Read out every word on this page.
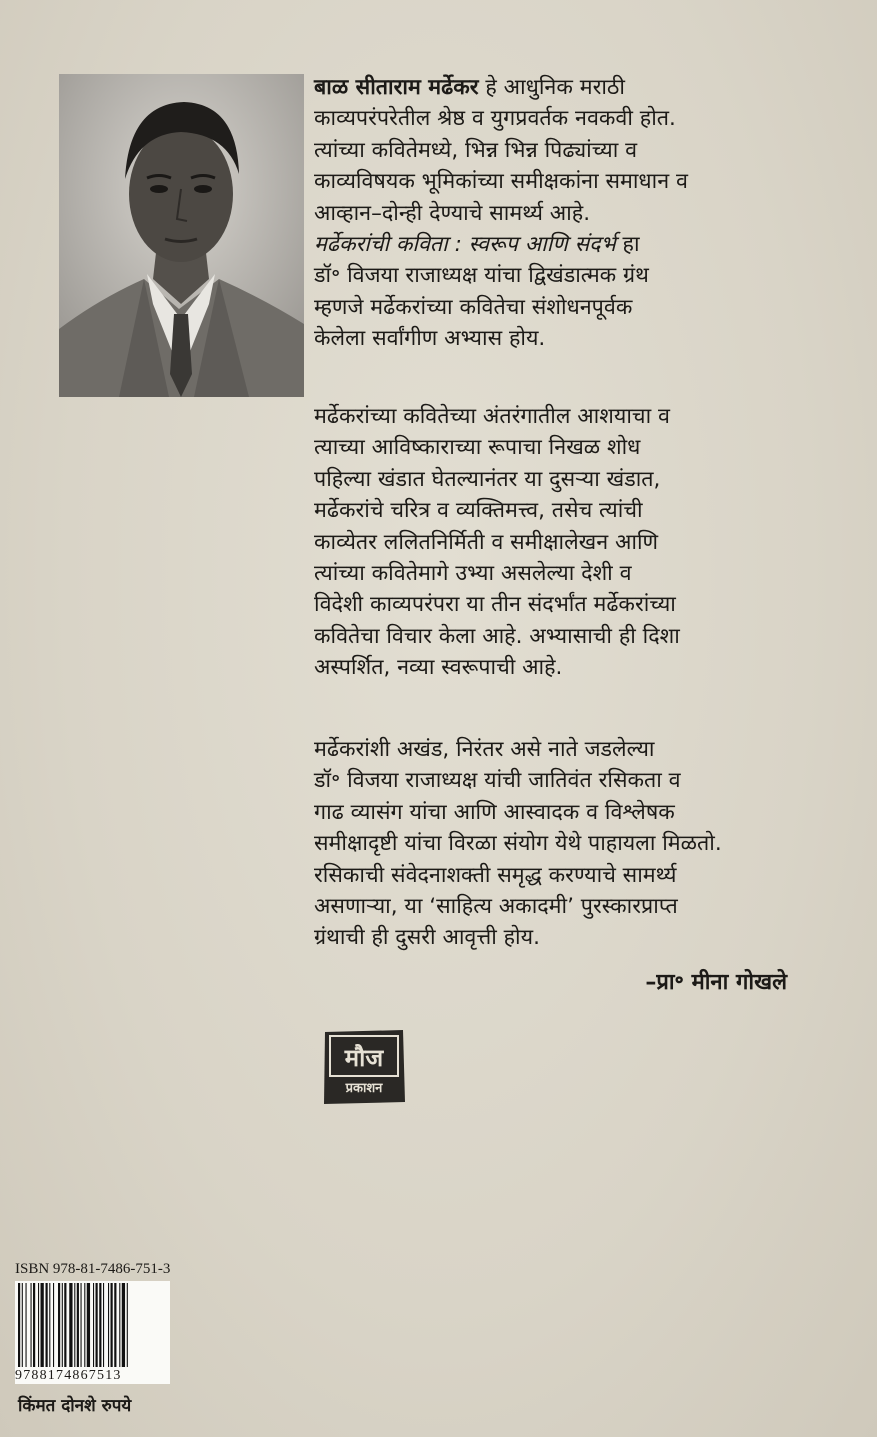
बाळ सीताराम मर्ढेकर हे आधुनिक मराठी
काव्यपरंपरेतील श्रेष्ठ व युगप्रवर्तक नवकवी होत.
त्यांच्या कवितेमध्ये, भिन्न भिन्न पिढ्यांच्या व
काव्यविषयक भूमिकांच्या समीक्षकांना समाधान व
आव्हान–दोन्ही देण्याचे सामर्थ्य आहे.
मर्ढेकरांची कविता : स्वरूप आणि संदर्भ हा
डॉ॰ विजया राजाध्यक्ष यांचा द्विखंडात्मक ग्रंथ
म्हणजे मर्ढेकरांच्या कवितेचा संशोधनपूर्वक
केलेला सर्वांगीण अभ्यास होय.

मर्ढेकरांच्या कवितेच्या अंतरंगातील आशयाचा व
त्याच्या आविष्काराच्या रूपाचा निखळ शोध
पहिल्या खंडात घेतल्यानंतर या दुसऱ्या खंडात,
मर्ढेकरांचे चरित्र व व्यक्तिमत्त्व, तसेच त्यांची
काव्येतर ललितनिर्मिती व समीक्षालेखन आणि
त्यांच्या कवितेमागे उभ्या असलेल्या देशी व
विदेशी काव्यपरंपरा या तीन संदर्भांत मर्ढेकरांच्या
कवितेचा विचार केला आहे. अभ्यासाची ही दिशा
अस्पर्शित, नव्या स्वरूपाची आहे.

मर्ढेकरांशी अखंड, निरंतर असे नाते जडलेल्या
डॉ॰ विजया राजाध्यक्ष यांची जातिवंत रसिकता व
गाढ व्यासंग यांचा आणि आस्वादक व विश्लेषक
समीक्षादृष्टी यांचा विरळा संयोग येथे पाहायला मिळतो.
रसिकाची संवेदनाशक्ती समृद्ध करण्याचे सामर्थ्य
असणाऱ्या, या ‘साहित्य अकादमी’ पुरस्कारप्राप्त
ग्रंथाची ही दुसरी आवृत्ती होय.

–प्रा॰ मीना गोखले
मौज
प्रकाशन
ISBN 978-81-7486-751-3
9788174867513
किंमत दोनशे रुपये
